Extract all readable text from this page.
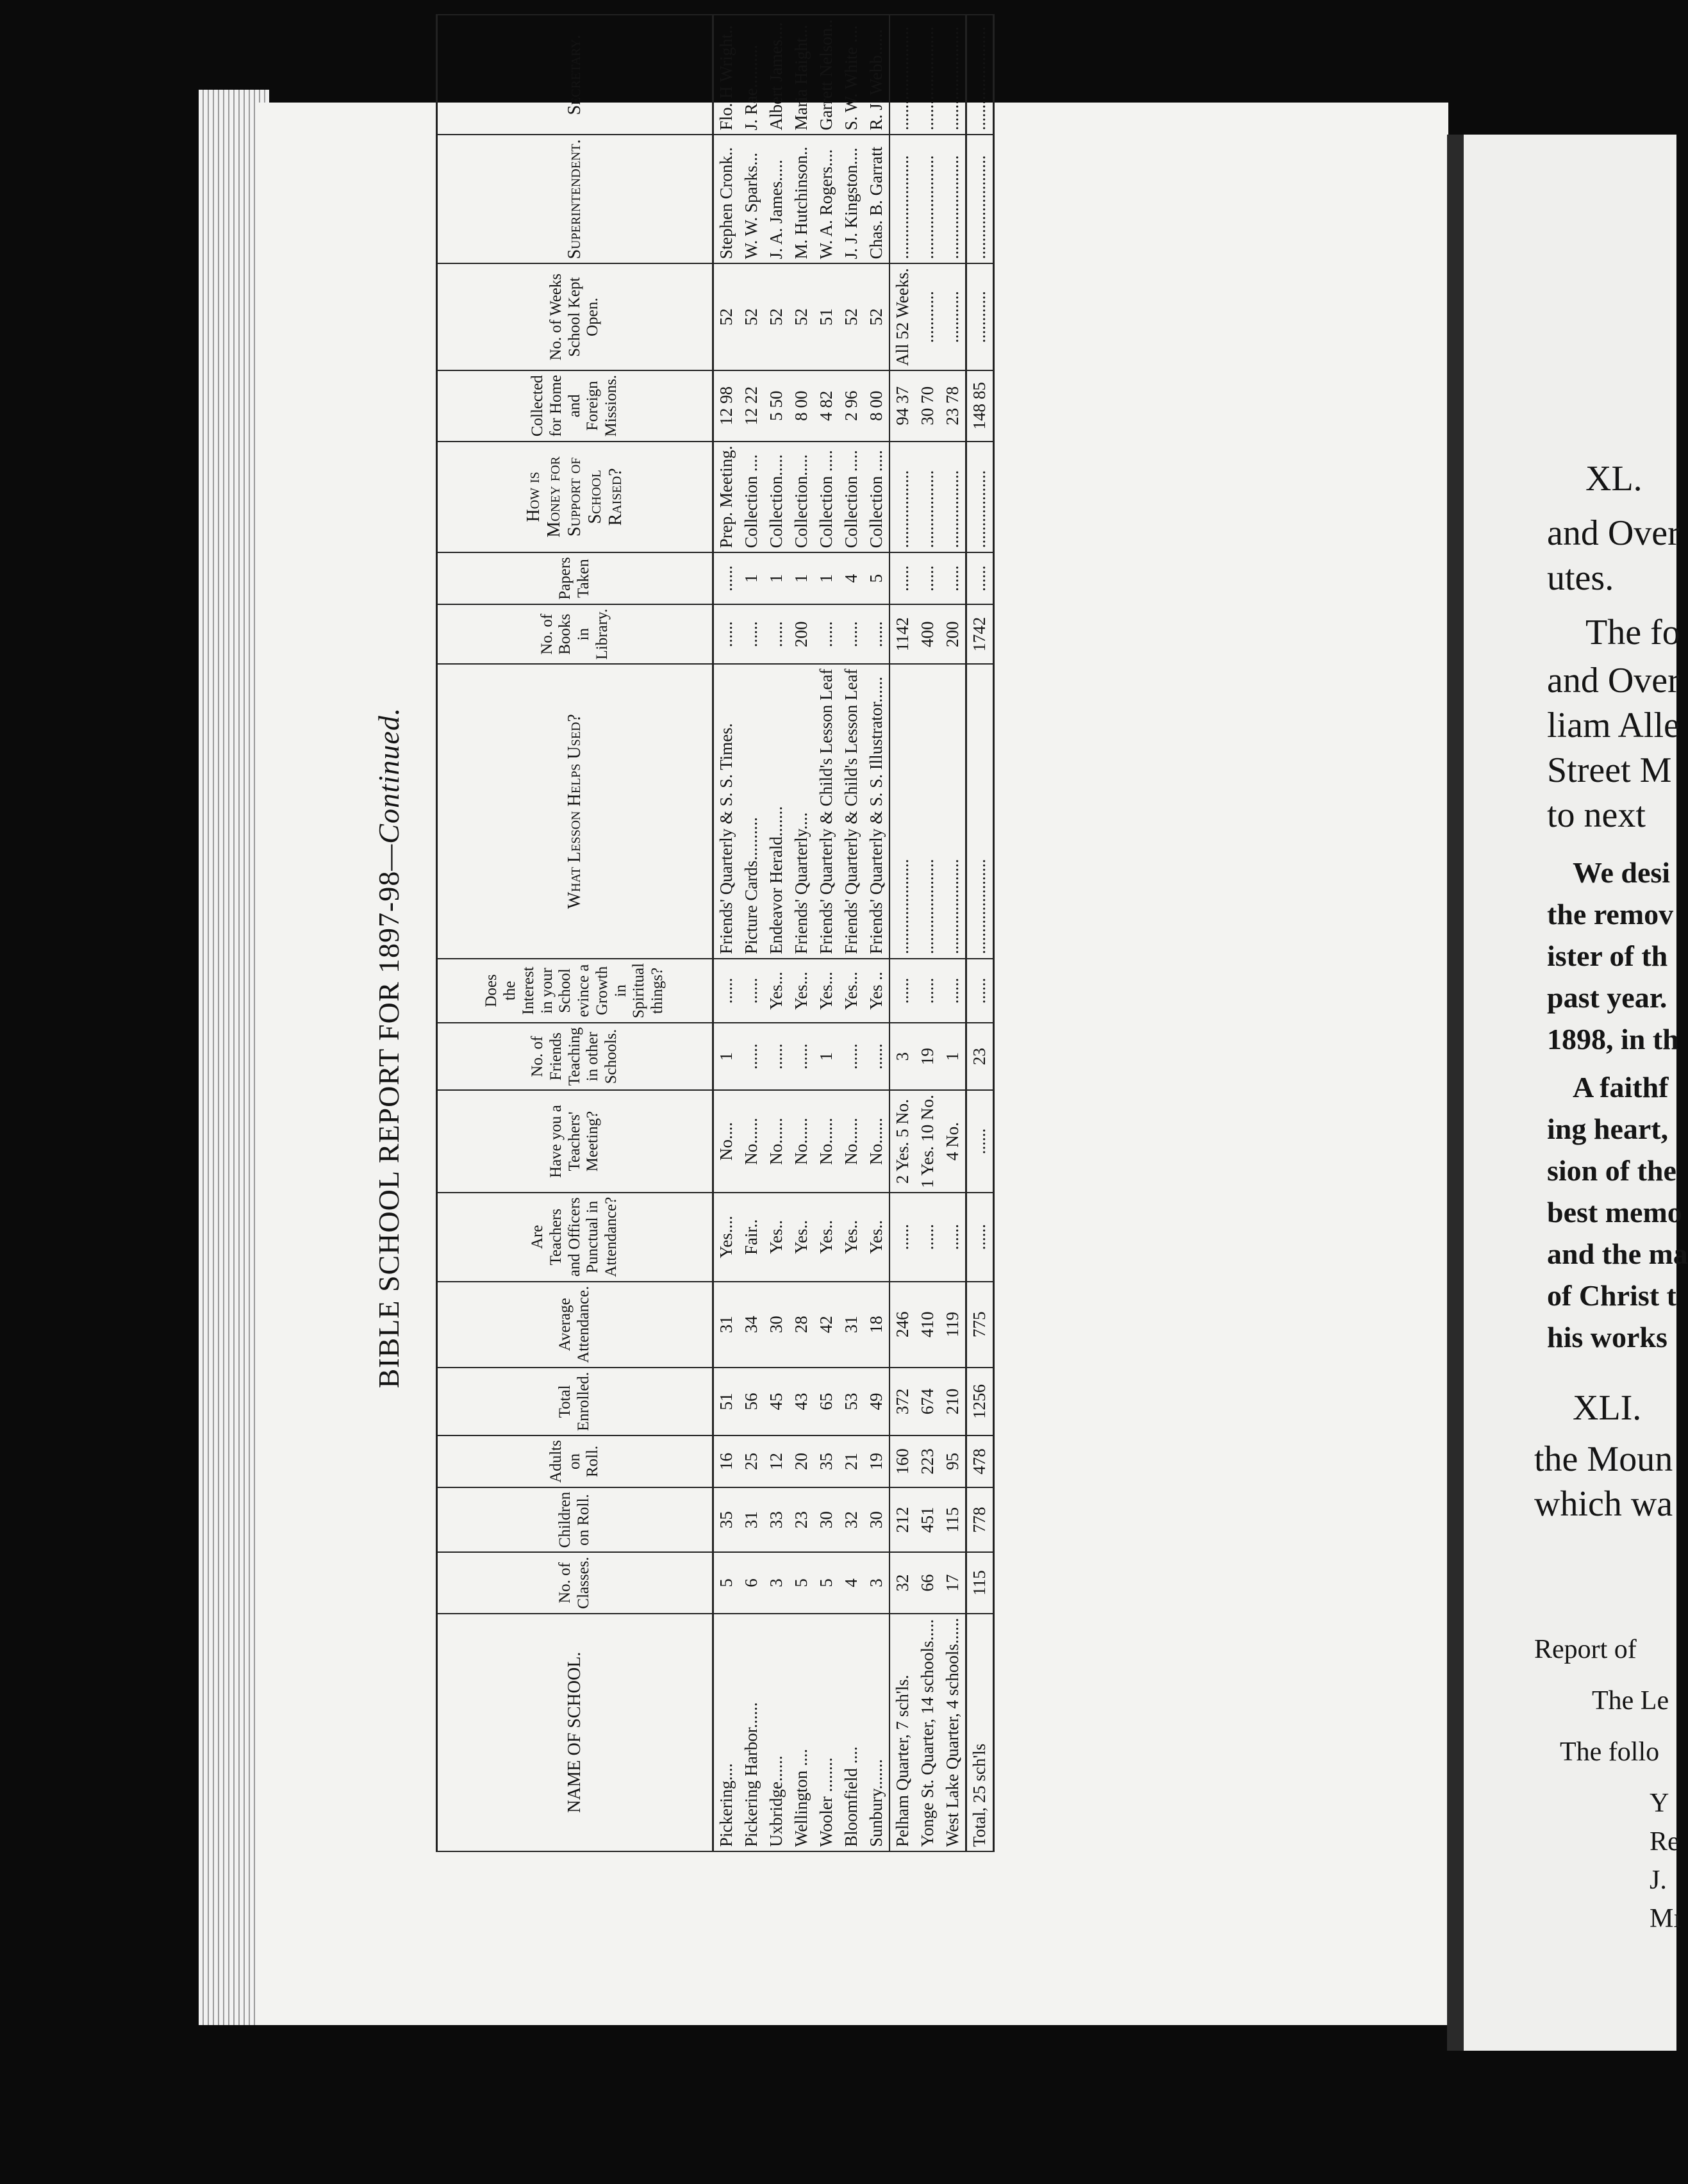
XL.
and Over
utes.
The fo
and Over
liam Alle
Street M
to next
We desi
the remov
ister of th
past year.
1898, in th
A faithf
ing heart,
sion of the
best memo
and the ma
of Christ t
his works
XLI.
the Moun
which wa
Report of
The Le
The follo
Y
Re
J.
Mı
BIBLE SCHOOL REPORT FOR 1897-98—Continued.
NAME OF SCHOOL.	No. of Classes.	Children on Roll.	Adults on Roll.	Total Enrolled.	Average Attendance.	Are Teachers and Officers Punctual in Attendance?	Have you a Teachers' Meeting?	No. of Friends Teaching in other Schools.	Does the Interest in your School evince a Growth in Spiritual things?	What Lesson Helps Used?	No. of Books in Library.	Papers Taken	How is Money for Support of School Raised?	Collected for Home and Foreign Missions.	No. of Weeks School Kept Open.	Superintendent.	Secretary.
Pickering....	5	35	16	51	31	Yes....	No....	1	......	Friends' Quarterly & S. S. Times.	......	......	Prep. Meeting.	12 98	52	Stephen Cronk..	Flo. H Wright..
Pickering Harbor......	6	31	25	56	34	Fair..	No......	......	......	Picture Cards..........	......	1	Collection ....	12 22	52	W. W. Sparks...	J. Rae..........
Uxbridge......	3	33	12	45	30	Yes..	No......	......	Yes...	Endeavor Herald.......	......	1	Collection.....	5 50	52	J. A. James.....	Albert James....
Wellington ....	5	23	20	43	28	Yes..	No......	......	Yes...	Friends' Quarterly....	200	1	Collection.....	8 00	52	M. Hutchinson..	Maria Haight...
Wooler ........	5	30	35	65	42	Yes..	No......	1	Yes...	Friends' Quarterly & Child's Lesson Leaf	......	1	Collection .....	4 82	51	W. A. Rogers....	Garrett Nelson..
Bloomfield ....	4	32	21	53	31	Yes..	No......	......	Yes...	Friends' Quarterly & Child's Lesson Leaf	......	4	Collection .....	2 96	52	J. J. Kingston....	S. W. White ....
Sunbury.......	3	30	19	49	18	Yes..	No......	......	Yes ..	Friends' Quarterly & S. S. Illustrator......	......	5	Collection .....	8 00	52	Chas. B. Garratt	R. J. Webb......
Pelham Quarter, 7 sch'ls.	32	212	160	372	246	......	2 Yes. 5 No.	3	......	......................	1142	......	..................	94 37	All 52 Weeks.	........................	........................
Yonge St. Quarter, 14 schools.....	66	451	223	674	410	......	1 Yes. 10 No.	19	......	......................	400	......	..................	30 70	............	........................	........................
West Lake Quarter, 4 schools......	17	115	95	210	119	......	4 No.	1	......	......................	200	......	..................	23 78	............	........................	........................
Total, 25 sch'ls	115	778	478	1256	775	......	......	23	......	......................	1742	......	..................	148 85	............	........................	........................
